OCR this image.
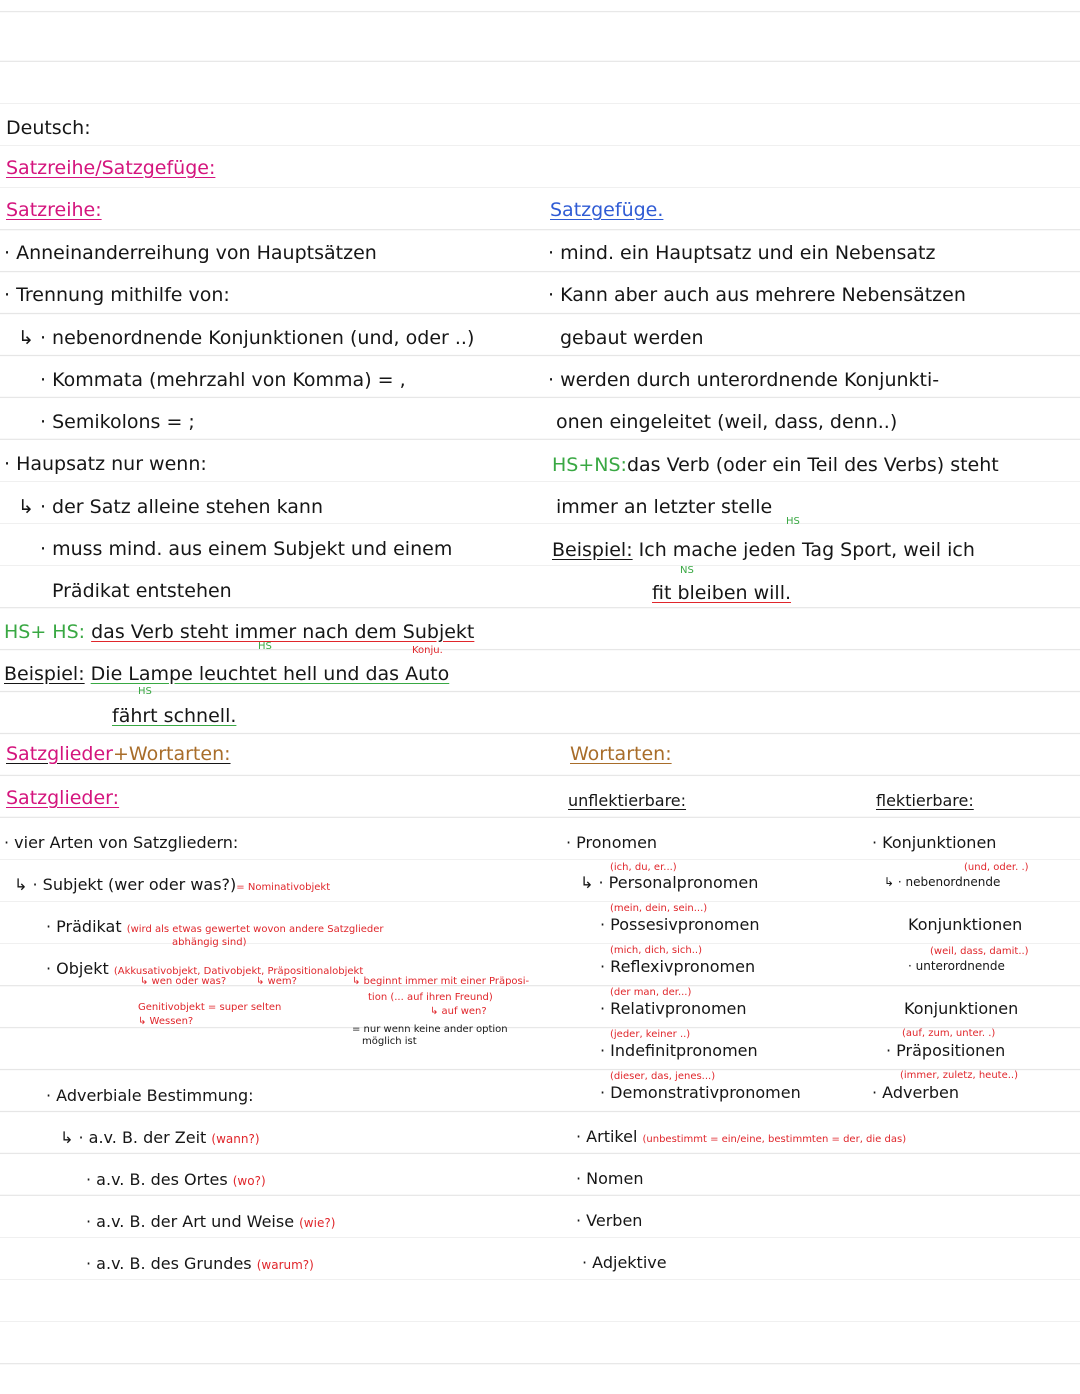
Deutsch:
Satzreihe/Satzgefüge:
Satzreihe:
· Anneinanderreihung von Hauptsätzen
· Trennung mithilfe von:
↳ · nebenordnende Konjunktionen (und, oder ..)
· Kommata (mehrzahl von Komma) = ,
· Semikolons = ;
· Haupsatz nur wenn:
↳ · der Satz alleine stehen kann
· muss mind. aus einem Subjekt und einem
Prädikat entstehen
HS+ HS: das Verb steht immer nach dem Subjekt
HS	Konju.
Beispiel: Die Lampe leuchtet hell und das Auto
HS
fährt schnell.
Satzgefüge.
· mind. ein Hauptsatz und ein Nebensatz
· Kann aber auch aus mehrere Nebensätzen
gebaut werden
· werden durch unterordnende Konjunkti-
onen eingeleitet (weil, dass, denn..)
HS+NS:das Verb (oder ein Teil des Verbs) steht
immer an letzter stelle
HS
Beispiel: Ich mache jeden Tag Sport, weil ich
NS
fit bleiben will.
Satzglieder+Wortarten:
Satzglieder:
· vier Arten von Satzgliedern:
↳ · Subjekt (wer oder was?)= Nominativobjekt
· Prädikat (wird als etwas gewertet wovon andere Satzglieder
abhängig sind)
· Objekt (Akkusativobjekt, Dativobjekt, Präpositionalobjekt
↳ wen oder was?	↳ wem?	↳ beginnt immer mit einer Präposi-
tion (... auf ihren Freund)
↳ auf wen?
Genitivobjekt = super selten
↳ Wessen?
= nur wenn keine ander option
möglich ist
· Adverbiale Bestimmung:
↳ · a.v. B. der Zeit (wann?)
· a.v. B. des Ortes (wo?)
· a.v. B. der Art und Weise (wie?)
· a.v. B. des Grundes (warum?)
Wortarten:
unflektierbare:	flektierbare:
· Pronomen
(ich, du, er...)
↳ · Personalpronomen
(mein, dein, sein...)
· Possesivpronomen
(mich, dich, sich..)
· Reflexivpronomen
(der man, der...)
· Relativpronomen
(jeder, keiner ..)
· Indefinitpronomen
(dieser, das, jenes...)
· Demonstrativpronomen
· Artikel (unbestimmt = ein/eine, bestimmten = der, die das)
· Nomen
· Verben
· Adjektive
· Konjunktionen
(und, oder. .)
↳ · nebenordnende
Konjunktionen
(weil, dass, damit..)
· unterordnende
Konjunktionen
(auf, zum, unter. .)
· Präpositionen
(immer, zuletz, heute..)
· Adverben
